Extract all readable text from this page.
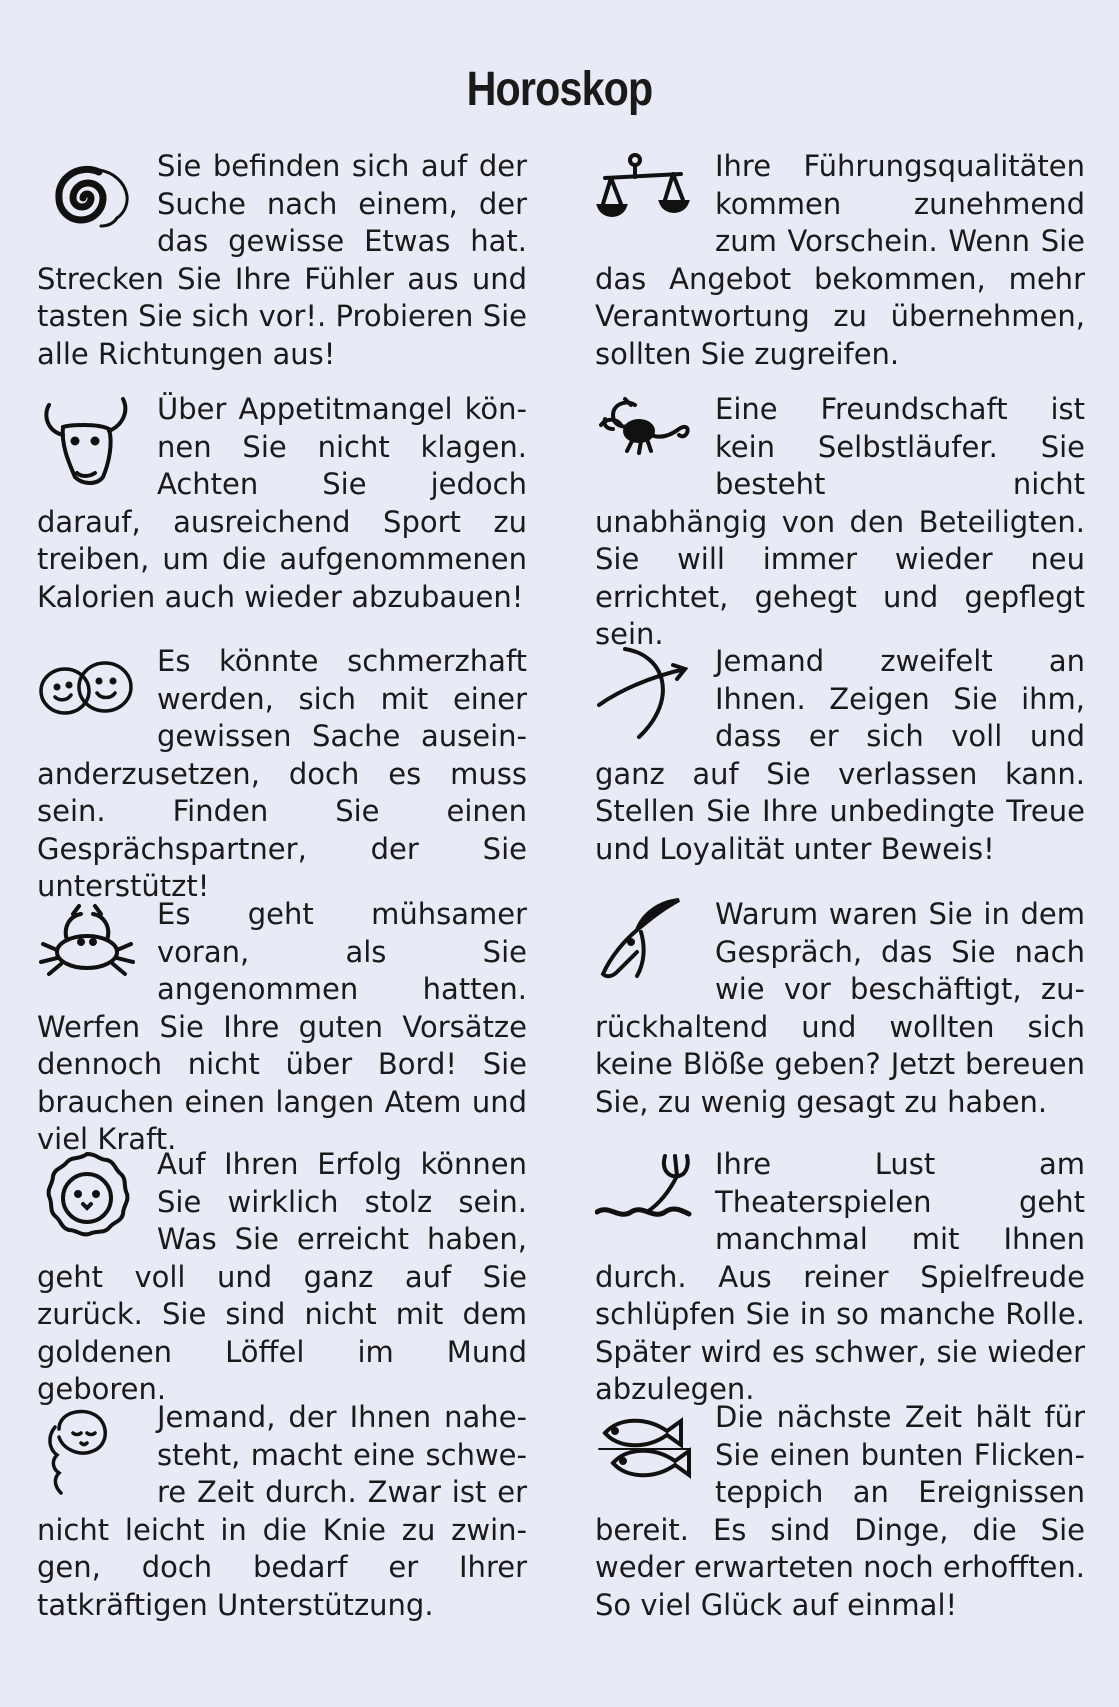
Horoskop

Sie befinden sich auf der Suche nach einem, der das gewisse Etwas hat. Strecken Sie Ihre Fühler aus und tasten Sie sich vor!. Probieren Sie alle Richtungen aus!

Über Appetitmangel können Sie nicht klagen. Achten Sie jedoch darauf, ausreichend Sport zu treiben, um die aufgenommenen Kalorien auch wieder abzubauen!

Es könnte schmerzhaft werden, sich mit einer gewissen Sache auseinanderzusetzen, doch es muss sein. Finden Sie einen Gesprächspartner, der Sie unterstützt!

Es geht mühsamer voran, als Sie angenommen hatten. Werfen Sie Ihre guten Vorsätze dennoch nicht über Bord! Sie brauchen einen langen Atem und viel Kraft.

Auf Ihren Erfolg können Sie wirklich stolz sein. Was Sie erreicht haben, geht voll und ganz auf Sie zurück. Sie sind nicht mit dem goldenen Löffel im Mund geboren.

Jemand, der Ihnen nahesteht, macht eine schwere Zeit durch. Zwar ist er nicht leicht in die Knie zu zwingen, doch bedarf er Ihrer tatkräftigen Unterstützung.

Ihre Führungsqualitäten kommen zunehmend zum Vorschein. Wenn Sie das Angebot bekommen, mehr Verantwortung zu übernehmen, sollten Sie zugreifen.

Eine Freundschaft ist kein Selbstläufer. Sie besteht nicht unabhängig von den Beteiligten. Sie will immer wieder neu errichtet, gehegt und gepflegt sein.

Jemand zweifelt an Ihnen. Zeigen Sie ihm, dass er sich voll und ganz auf Sie verlassen kann. Stellen Sie Ihre unbedingte Treue und Loyalität unter Beweis!

Warum waren Sie in dem Gespräch, das Sie nach wie vor beschäftigt, zurückhaltend und wollten sich keine Blöße geben? Jetzt bereuen Sie, zu wenig gesagt zu haben.

Ihre Lust am Theaterspielen geht manchmal mit Ihnen durch. Aus reiner Spielfreude schlüpfen Sie in so manche Rolle. Später wird es schwer, sie wieder abzulegen.

Die nächste Zeit hält für Sie einen bunten Flickenteppich an Ereignissen bereit. Es sind Dinge, die Sie weder erwarteten noch erhofften. So viel Glück auf einmal!
